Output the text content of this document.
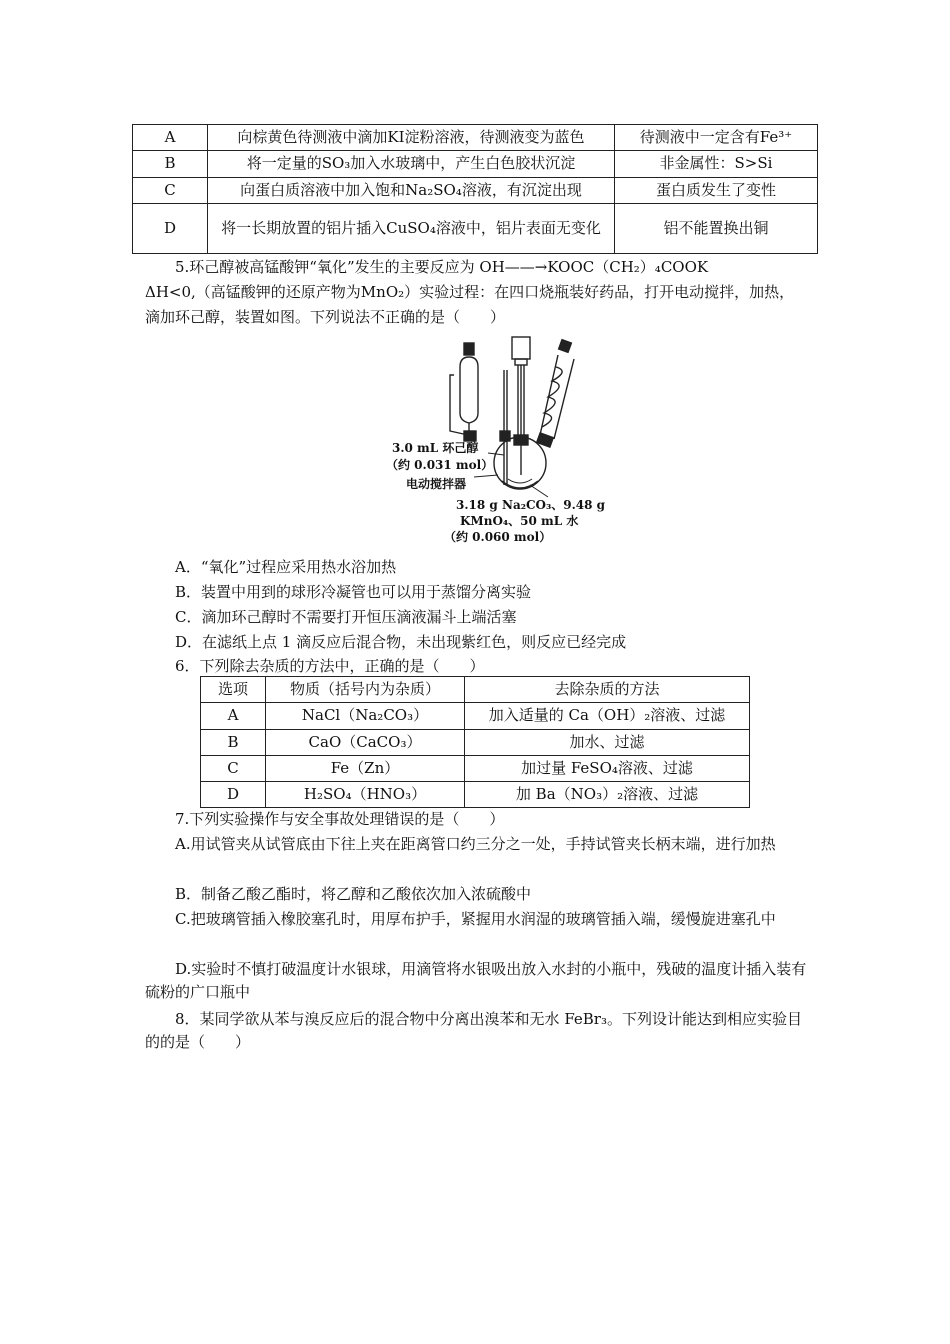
A	向棕黄色待测液中滴加KI淀粉溶液，待测液变为蓝色	待测液中一定含有Fe³⁺
B	将一定量的SO₃加入水玻璃中，产生白色胶状沉淀	非金属性：S>Si
C	向蛋白质溶液中加入饱和Na₂SO₄溶液，有沉淀出现	蛋白质发生了变性
D	将一长期放置的铝片插入CuSO₄溶液中，铝片表面无变化	铝不能置换出铜
5.环己醇被高锰酸钾“氧化”发生的主要反应为 OH——→KOOC（CH₂）₄COOK
ΔH<0,（高锰酸钾的还原产物为MnO₂）实验过程：在四口烧瓶装好药品，打开电动搅拌，加热，
滴加环己醇，装置如图。下列说法不正确的是（　　）
3.0 mL 环己醇
（约 0.031 mol）
电动搅拌器
3.18 g Na₂CO₃、9.48 g
KMnO₄、50 mL 水
（约 0.060 mol）
A．“氧化”过程应采用热水浴加热
B．装置中用到的球形冷凝管也可以用于蒸馏分离实验
C．滴加环己醇时不需要打开恒压滴液漏斗上端活塞
D．在滤纸上点 1 滴反应后混合物，未出现紫红色，则反应已经完成
6．下列除去杂质的方法中，正确的是（　　）
选项	物质（括号内为杂质）	去除杂质的方法
A	NaCl（Na₂CO₃）	加入适量的 Ca（OH）₂溶液、过滤
B	CaO（CaCO₃）	加水、过滤
C	Fe（Zn）	加过量 FeSO₄溶液、过滤
D	H₂SO₄（HNO₃）	加 Ba（NO₃）₂溶液、过滤
7.下列实验操作与安全事故处理错误的是（　　）
A.用试管夹从试管底由下往上夹在距离管口约三分之一处，手持试管夹长柄末端，进行加热
B．制备乙酸乙酯时，将乙醇和乙酸依次加入浓硫酸中
C.把玻璃管插入橡胶塞孔时，用厚布护手，紧握用水润湿的玻璃管插入端，缓慢旋进塞孔中
D.实验时不慎打破温度计水银球，用滴管将水银吸出放入水封的小瓶中，残破的温度计插入装有硫粉的广口瓶中
8．某同学欲从苯与溴反应后的混合物中分离出溴苯和无水 FeBr₃。下列设计能达到相应实验目的的是（　　）
